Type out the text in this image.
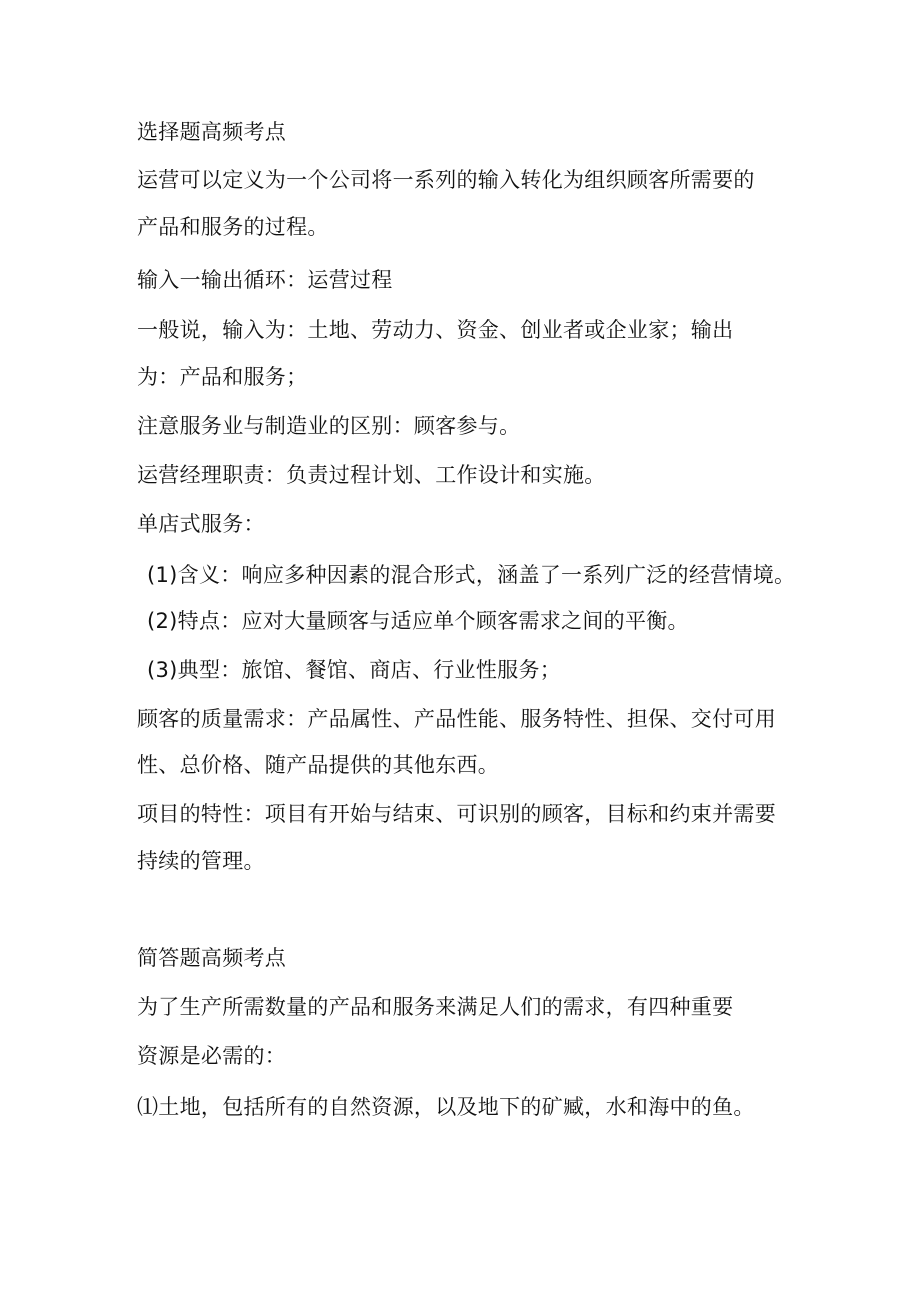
选择题高频考点
运营可以定义为一个公司将一系列的输入转化为组织顾客所需要的
产品和服务的过程。
输入一输出循环：运营过程
一般说，输入为：土地、劳动力、资金、创业者或企业家；输出
为：产品和服务；
注意服务业与制造业的区别：顾客参与。
运营经理职责：负责过程计划、工作设计和实施。
单店式服务：
(1)含义：响应多种因素的混合形式，涵盖了一系列广泛的经营情境。
(2)特点：应对大量顾客与适应单个顾客需求之间的平衡。
(3)典型：旅馆、餐馆、商店、行业性服务；
顾客的质量需求：产品属性、产品性能、服务特性、担保、交付可用
性、总价格、随产品提供的其他东西。
项目的特性：项目有开始与结束、可识别的顾客，目标和约束并需要
持续的管理。
简答题高频考点
为了生产所需数量的产品和服务来满足人们的需求，有四种重要
资源是必需的：
⑴土地，包括所有的自然资源，以及地下的矿臧，水和海中的鱼。
